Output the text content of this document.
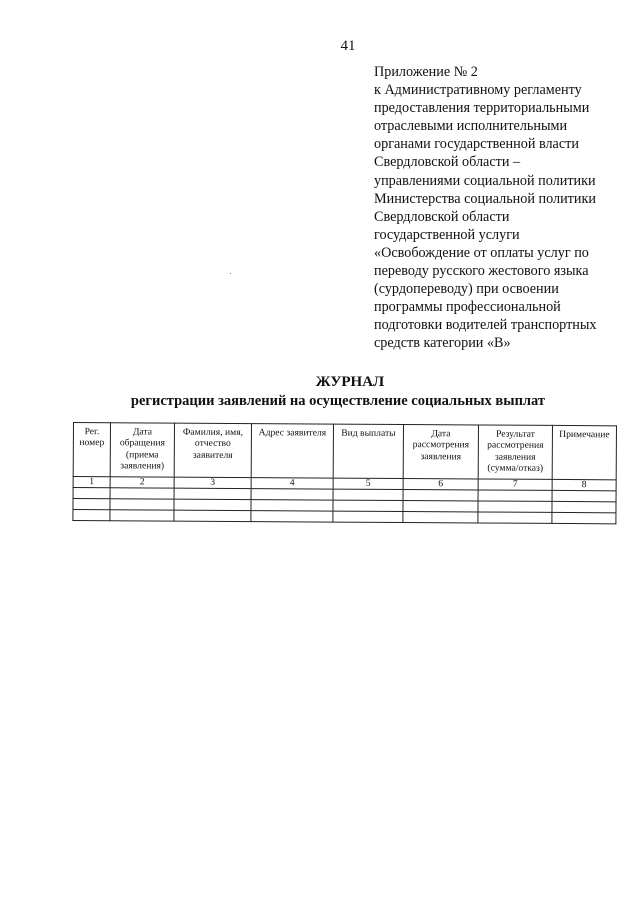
41
Приложение № 2
к Административному регламенту
предоставления территориальными
отраслевыми исполнительными
органами государственной власти
Свердловской области –
управлениями социальной политики
Министерства социальной политики
Свердловской области
государственной услуги
«Освобождение от оплаты услуг по
переводу русского жестового языка
(сурдопереводу) при освоении
программы профессиональной
подготовки водителей транспортных
средств категории «В»
ЖУРНАЛ
регистрации заявлений на осуществление социальных выплат
Рег. номер	Дата обращения (приема заявления)	Фамилия, имя, отчество заявителя	Адрес заявителя	Вид выплаты	Дата рассмотрения заявления	Результат рассмотрения заявления (сумма/отказ)	Примечание
1	2	3	4	5	6	7	8
